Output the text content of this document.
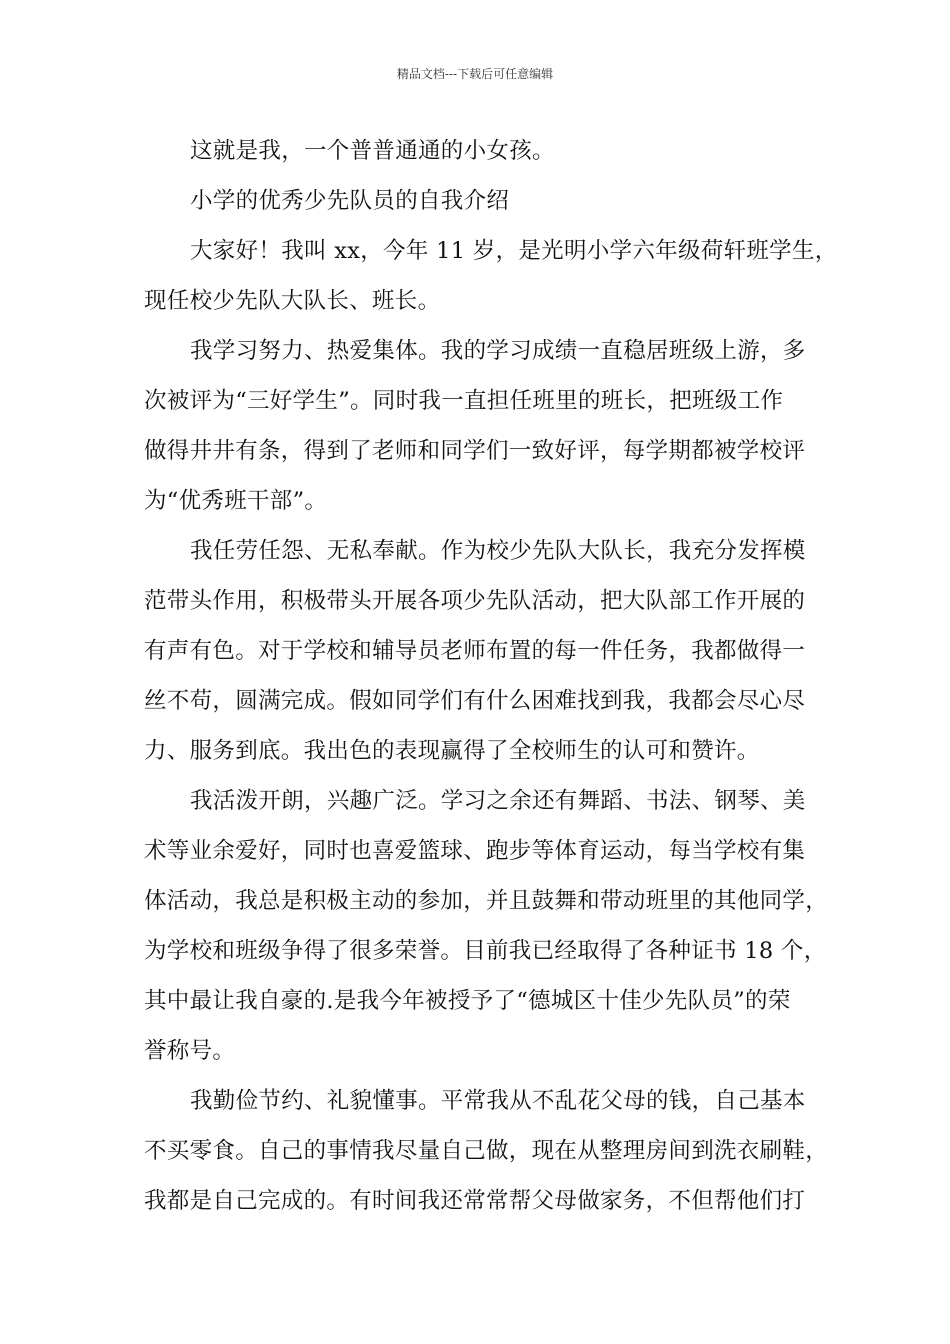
精品文档---下载后可任意编辑
这就是我，一个普普通通的小女孩。
小学的优秀少先队员的自我介绍
大家好！我叫 xx，今年 11 岁，是光明小学六年级荷轩班学生，
现任校少先队大队长、班长。
我学习努力、热爱集体。我的学习成绩一直稳居班级上游，多
次被评为“三好学生”。同时我一直担任班里的班长，把班级工作
做得井井有条，得到了老师和同学们一致好评，每学期都被学校评
为“优秀班干部”。
我任劳任怨、无私奉献。作为校少先队大队长，我充分发挥模
范带头作用，积极带头开展各项少先队活动，把大队部工作开展的
有声有色。对于学校和辅导员老师布置的每一件任务，我都做得一
丝不苟，圆满完成。假如同学们有什么困难找到我，我都会尽心尽
力、服务到底。我出色的表现赢得了全校师生的认可和赞许。
我活泼开朗，兴趣广泛。学习之余还有舞蹈、书法、钢琴、美
术等业余爱好，同时也喜爱篮球、跑步等体育运动，每当学校有集
体活动，我总是积极主动的参加，并且鼓舞和带动班里的其他同学，
为学校和班级争得了很多荣誉。目前我已经取得了各种证书 18 个，
其中最让我自豪的.是我今年被授予了“德城区十佳少先队员”的荣
誉称号。
我勤俭节约、礼貌懂事。平常我从不乱花父母的钱，自己基本
不买零食。自己的事情我尽量自己做，现在从整理房间到洗衣刷鞋，
我都是自己完成的。有时间我还常常帮父母做家务，不但帮他们打
